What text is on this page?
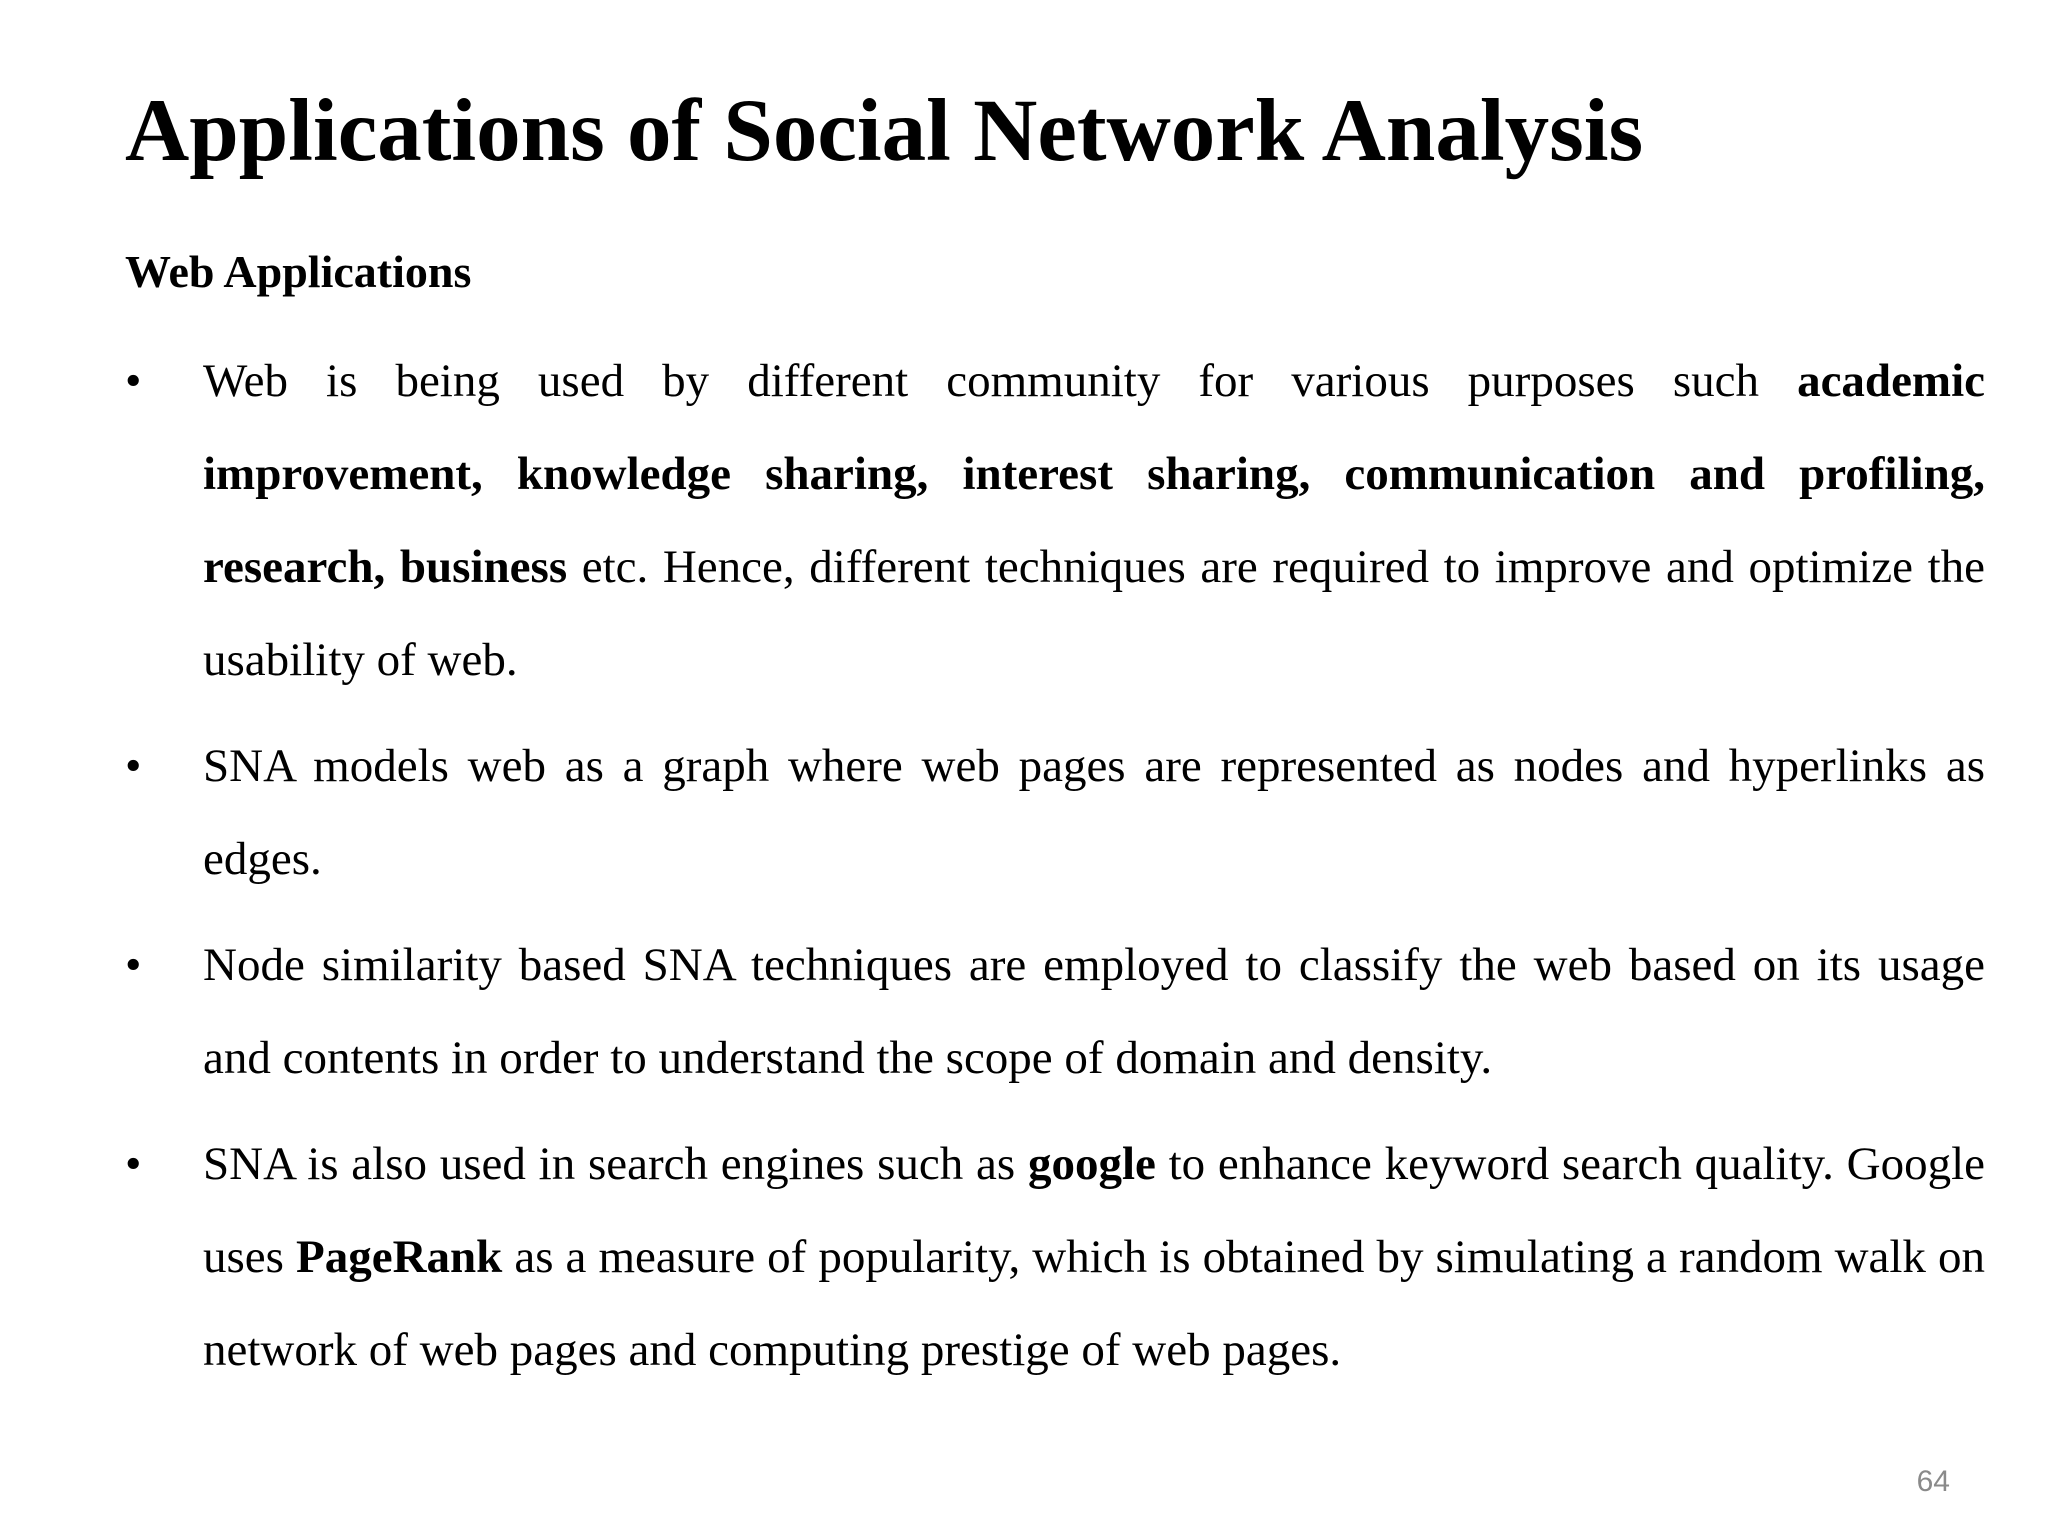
Applications of Social Network Analysis
Web Applications
•	Web is being used by different community for various purposes such academic improvement, knowledge sharing, interest sharing, communication and profiling, research, business etc. Hence, different techniques are required to improve and optimize the usability of web.
•	SNA models web as a graph where web pages are represented as nodes and hyperlinks as edges.
•	Node similarity based SNA techniques are employed to classify the web based on its usage and contents in order to understand the scope of domain and density.
•	SNA is also used in search engines such as google to enhance keyword search quality. Google uses PageRank as a measure of popularity, which is obtained by simulating a random walk on network of web pages and computing prestige of web pages.
64
